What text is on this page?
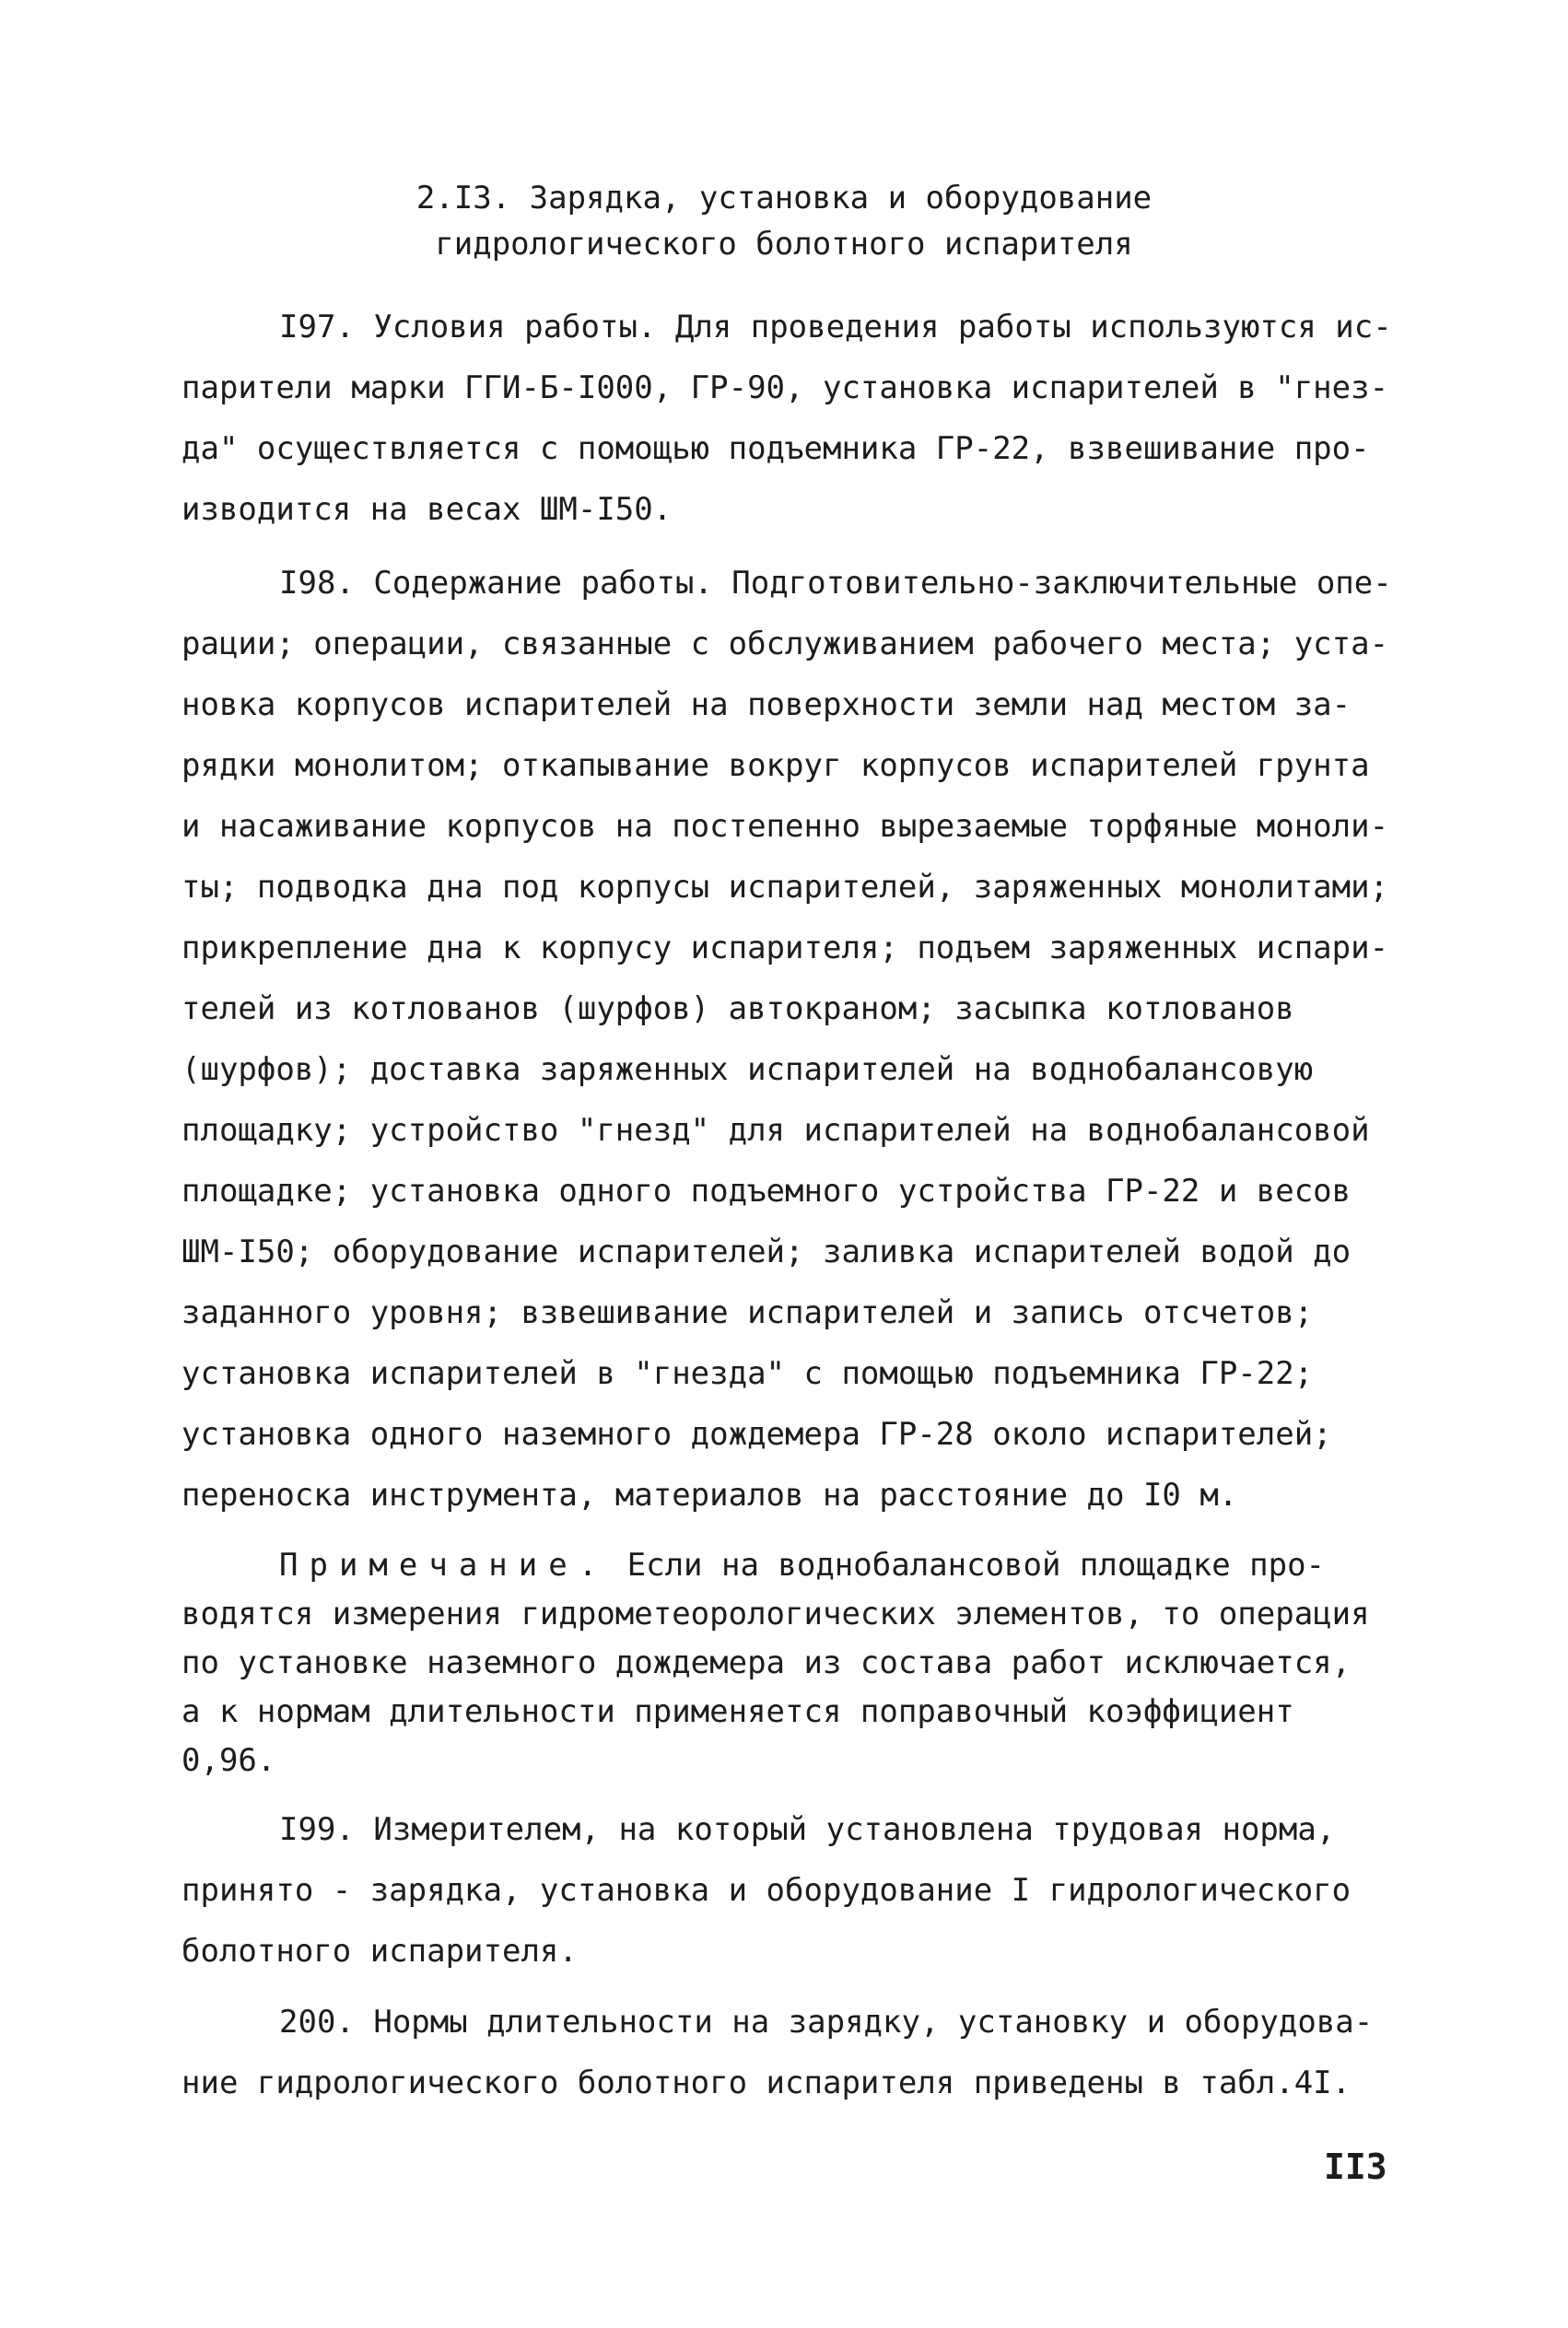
2.I3. Зарядка, установка и оборудование
гидрологического болотного испарителя
I97. Условия работы. Для проведения работы используются ис-
парители марки ГГИ-Б-I000, ГР-90, установка испарителей в "гнез-
да" осуществляется с помощью подъемника ГР-22, взвешивание про-
изводится на весах ШМ-I50.
I98. Содержание работы. Подготовительно-заключительные опе-
рации; операции, связанные с обслуживанием рабочего места; уста-
новка корпусов испарителей на поверхности земли над местом за-
рядки монолитом; откапывание вокруг корпусов испарителей грунта
и насаживание корпусов на постепенно вырезаемые торфяные моноли-
ты; подводка дна под корпусы испарителей, заряженных монолитами;
прикрепление дна к корпусу испарителя; подъем заряженных испари-
телей из котлованов (шурфов) автокраном; засыпка котлованов
(шурфов); доставка заряженных испарителей на воднобалансовую
площадку; устройство "гнезд" для испарителей на воднобалансовой
площадке; установка одного подъемного устройства ГР-22 и весов
ШМ-I50; оборудование испарителей; заливка испарителей водой до
заданного уровня; взвешивание испарителей и запись отсчетов;
установка испарителей в "гнезда" с помощью подъемника ГР-22;
установка одного наземного дождемера ГР-28 около испарителей;
переноска инструмента, материалов на расстояние до I0 м.
Примечание. Если на воднобалансовой площадке про-
водятся измерения гидрометеорологических элементов, то операция
по установке наземного дождемера из состава работ исключается,
а к нормам длительности применяется поправочный коэффициент
0,96.
I99. Измерителем, на который установлена трудовая норма,
принято - зарядка, установка и оборудование I гидрологического
болотного испарителя.
200. Нормы длительности на зарядку, установку и оборудова-
ние гидрологического болотного испарителя приведены в табл.4I.
II3
